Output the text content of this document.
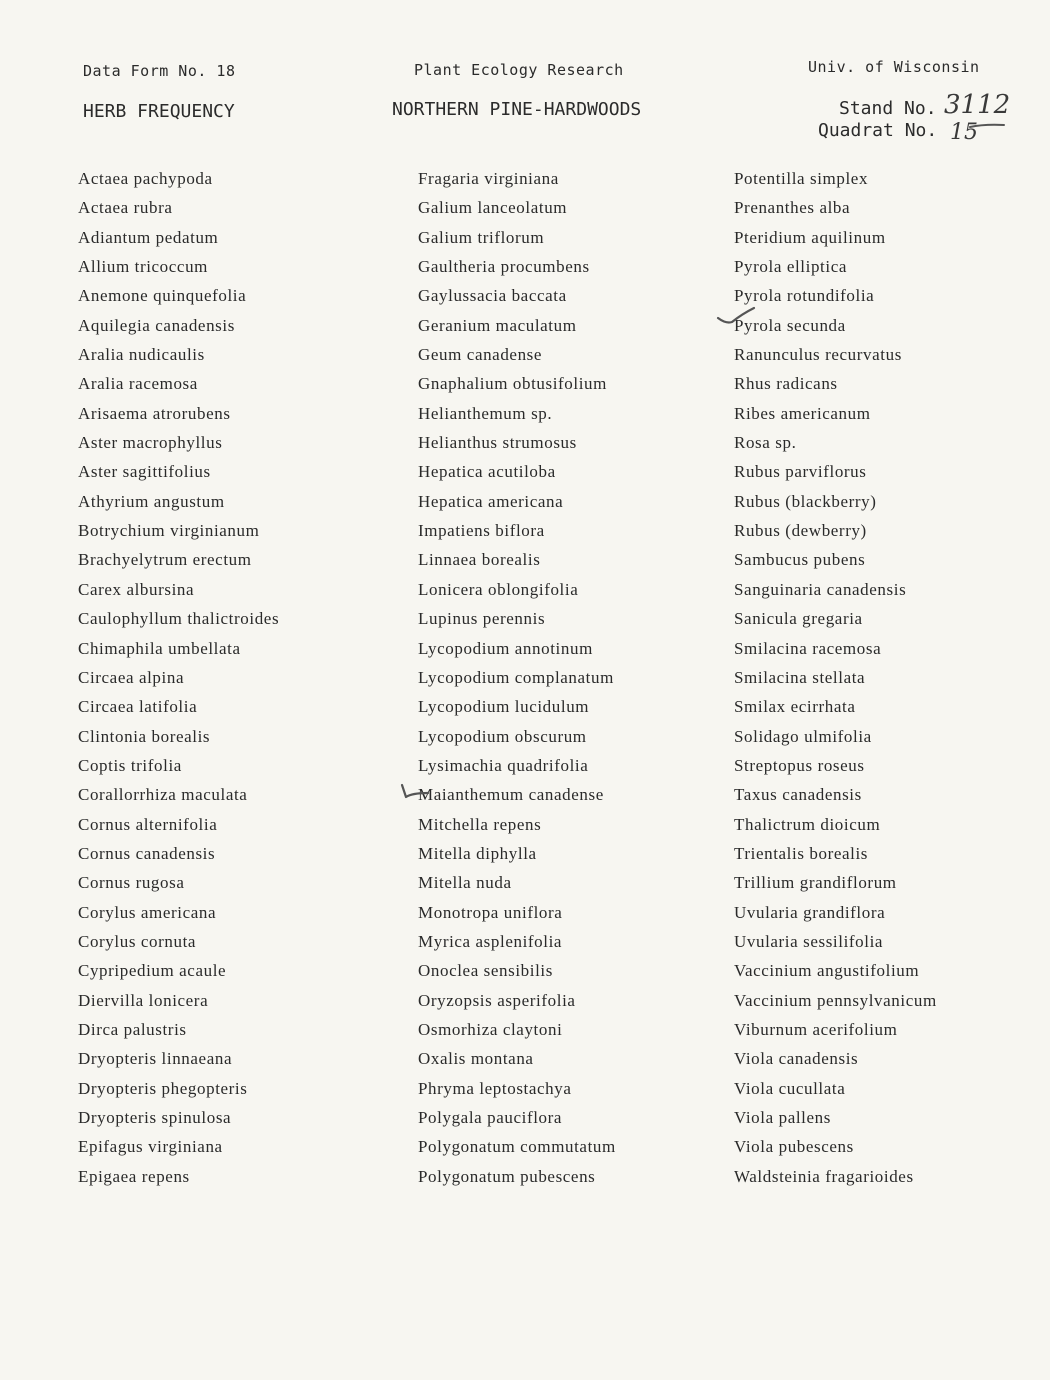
Data Form No. 18	Plant Ecology Research	Univ. of Wisconsin
HERB FREQUENCY	NORTHERN PINE-HARDWOODS	Stand No. 3112
Quadrat No. 15
Actaea pachypoda
Actaea rubra
Adiantum pedatum
Allium tricoccum
Anemone quinquefolia
Aquilegia canadensis
Aralia nudicaulis
Aralia racemosa
Arisaema atrorubens
Aster macrophyllus
Aster sagittifolius
Athyrium angustum
Botrychium virginianum
Brachyelytrum erectum
Carex albursina
Caulophyllum thalictroides
Chimaphila umbellata
Circaea alpina
Circaea latifolia
Clintonia borealis
Coptis trifolia
Corallorrhiza maculata
Cornus alternifolia
Cornus canadensis
Cornus rugosa
Corylus americana
Corylus cornuta
Cypripedium acaule
Diervilla lonicera
Dirca palustris
Dryopteris linnaeana
Dryopteris phegopteris
Dryopteris spinulosa
Epifagus virginiana
Epigaea repens
Fragaria virginiana
Galium lanceolatum
Galium triflorum
Gaultheria procumbens
Gaylussacia baccata
Geranium maculatum
Geum canadense
Gnaphalium obtusifolium
Helianthemum sp.
Helianthus strumosus
Hepatica acutiloba
Hepatica americana
Impatiens biflora
Linnaea borealis
Lonicera oblongifolia
Lupinus perennis
Lycopodium annotinum
Lycopodium complanatum
Lycopodium lucidulum
Lycopodium obscurum
Lysimachia quadrifolia
Maianthemum canadense
Mitchella repens
Mitella diphylla
Mitella nuda
Monotropa uniflora
Myrica asplenifolia
Onoclea sensibilis
Oryzopsis asperifolia
Osmorhiza claytoni
Oxalis montana
Phryma leptostachya
Polygala pauciflora
Polygonatum commutatum
Polygonatum pubescens
Potentilla simplex
Prenanthes alba
Pteridium aquilinum
Pyrola elliptica
Pyrola rotundifolia
Pyrola secunda
Ranunculus recurvatus
Rhus radicans
Ribes americanum
Rosa sp.
Rubus parviflorus
Rubus (blackberry)
Rubus (dewberry)
Sambucus pubens
Sanguinaria canadensis
Sanicula gregaria
Smilacina racemosa
Smilacina stellata
Smilax ecirrhata
Solidago ulmifolia
Streptopus roseus
Taxus canadensis
Thalictrum dioicum
Trientalis borealis
Trillium grandiflorum
Uvularia grandiflora
Uvularia sessilifolia
Vaccinium angustifolium
Vaccinium pennsylvanicum
Viburnum acerifolium
Viola canadensis
Viola cucullata
Viola pallens
Viola pubescens
Waldsteinia fragarioides
